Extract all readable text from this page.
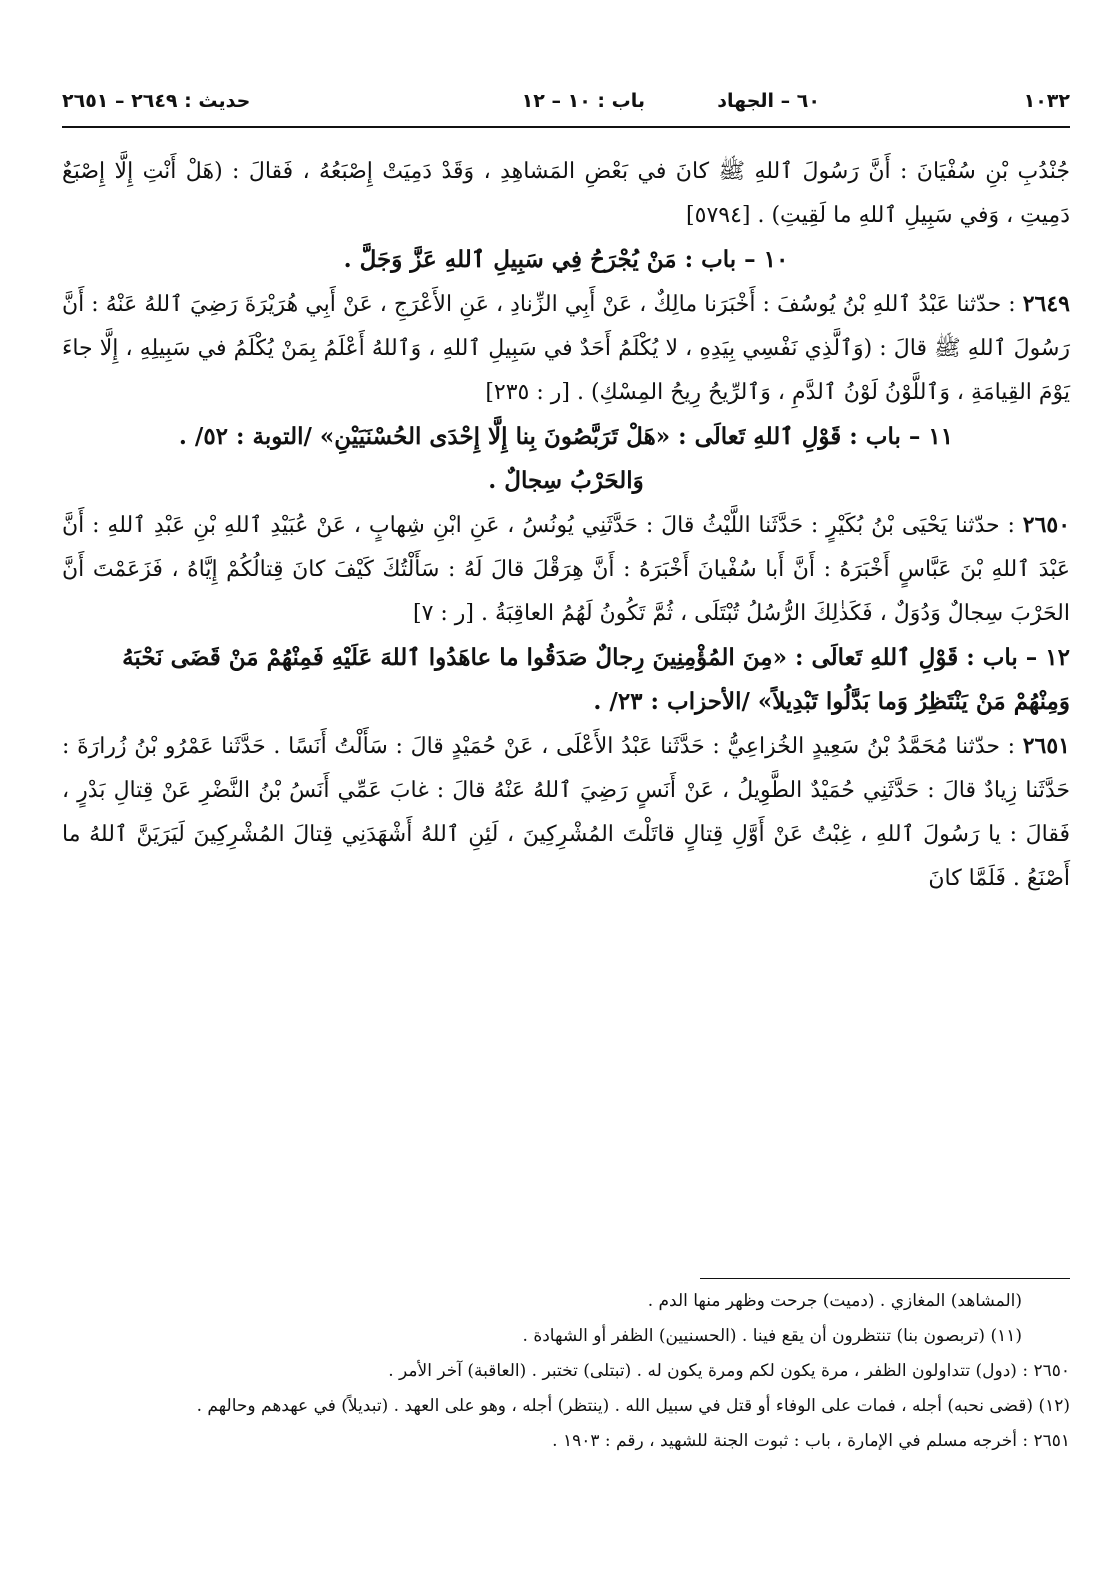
١٠٣٢
٦٠ – الجهاد
باب : ١٠ – ١٢
حديث : ٢٦٤٩ – ٢٦٥١

جُنْدُبِ بْنِ سُفْيَانَ : أَنَّ رَسُولَ ٱللهِ ﷺ كانَ في بَعْضِ المَشاهِدِ ، وَقَدْ دَمِيَتْ إِصْبَعُهُ ، فَقالَ : (هَلْ أَنْتِ إِلَّا إِصْبَعٌ دَمِيتِ ، وَفي سَبِيلِ ٱللهِ ما لَقِيتِ) . [٥٧٩٤]

١٠ – باب : مَنْ يُجْرَحُ فِي سَبِيلِ ٱللهِ عَزَّ وَجَلَّ .

٢٦٤٩ : حدّثنا عَبْدُ ٱللهِ بْنُ يُوسُفَ : أَخْبَرَنا مالِكٌ ، عَنْ أَبِي الزِّنادِ ، عَنِ الأَعْرَجِ ، عَنْ أَبِي هُرَيْرَةَ رَضِيَ ٱللهُ عَنْهُ : أَنَّ رَسُولَ ٱللهِ ﷺ قالَ : (وَٱلَّذِي نَفْسِي بِيَدِهِ ، لا يُكْلَمُ أَحَدٌ في سَبِيلِ ٱللهِ ، وَٱللهُ أَعْلَمُ بِمَنْ يُكْلَمُ في سَبِيلِهِ ، إِلَّا جاءَ يَوْمَ القِيامَةِ ، وَٱللَّوْنُ لَوْنُ ٱلدَّمِ ، وَٱلرِّيحُ رِيحُ المِسْكِ) . [ر : ٢٣٥]

١١ – باب : قَوْلِ ٱللهِ تَعالَى : «هَلْ تَرَبَّصُونَ بِنا إِلَّا إِحْدَى الحُسْنَيَيْنِ» /التوبة : ٥٢/ .

وَالحَرْبُ سِجالٌ .

٢٦٥٠ : حدّثنا يَحْيَى بْنُ بُكَيْرٍ : حَدَّثَنا اللَّيْثُ قالَ : حَدَّثَنِي يُونُسُ ، عَنِ ابْنِ شِهابٍ ، عَنْ عُبَيْدِ ٱللهِ بْنِ عَبْدِ ٱللهِ : أَنَّ عَبْدَ ٱللهِ بْنَ عَبَّاسٍ أَخْبَرَهُ : أَنَّ أَبا سُفْيانَ أَخْبَرَهُ : أَنَّ هِرَقْلَ قالَ لَهُ : سَأَلْتُكَ كَيْفَ كانَ قِتالُكُمْ إِيَّاهُ ، فَزَعَمْتَ أَنَّ الحَرْبَ سِجالٌ وَدُوَلٌ ، فَكَذٰلِكَ الرُّسُلُ تُبْتَلَى ، ثُمَّ تَكُونُ لَهُمُ العاقِبَةُ . [ر : ٧]

١٢ – باب : قَوْلِ ٱللهِ تَعالَى : «مِنَ المُؤْمِنِينَ رِجالٌ صَدَقُوا ما عاهَدُوا ٱللهَ عَلَيْهِ فَمِنْهُمْ مَنْ قَضَى نَحْبَهُ وَمِنْهُمْ مَنْ يَنْتَظِرُ وَما بَدَّلُوا تَبْدِيلاً» /الأحزاب : ٢٣/ .

٢٦٥١ : حدّثنا مُحَمَّدُ بْنُ سَعِيدٍ الخُزاعِيُّ : حَدَّثَنا عَبْدُ الأَعْلَى ، عَنْ حُمَيْدٍ قالَ : سَأَلْتُ أَنَسًا . حَدَّثَنا عَمْرُو بْنُ زُرارَةَ : حَدَّثَنا زِيادٌ قالَ : حَدَّثَنِي حُمَيْدٌ الطَّوِيلُ ، عَنْ أَنَسٍ رَضِيَ ٱللهُ عَنْهُ قالَ : غابَ عَمِّي أَنَسُ بْنُ النَّضْرِ عَنْ قِتالِ بَدْرٍ ، فَقالَ : يا رَسُولَ ٱللهِ ، غِبْتُ عَنْ أَوَّلِ قِتالٍ قاتَلْتَ المُشْرِكِينَ ، لَئِنِ ٱللهُ أَشْهَدَنِي قِتالَ المُشْرِكِينَ لَيَرَيَنَّ ٱللهُ ما أَصْنَعُ . فَلَمَّا كانَ

(المشاهد) المغازي . (دميت) جرحت وظهر منها الدم .

(١١) (تربصون بنا) تنتظرون أن يقع فينا . (الحسنيين) الظفر أو الشهادة .

٢٦٥٠ : (دول) تتداولون الظفر ، مرة يكون لكم ومرة يكون له . (تبتلى) تختبر . (العاقبة) آخر الأمر .

(١٢) (قضى نحبه) أجله ، فمات على الوفاء أو قتل في سبيل الله . (ينتظر) أجله ، وهو على العهد . (تبديلاً) في عهدهم وحالهم .

٢٦٥١ : أخرجه مسلم في الإمارة ، باب : ثبوت الجنة للشهيد ، رقم : ١٩٠٣ .
